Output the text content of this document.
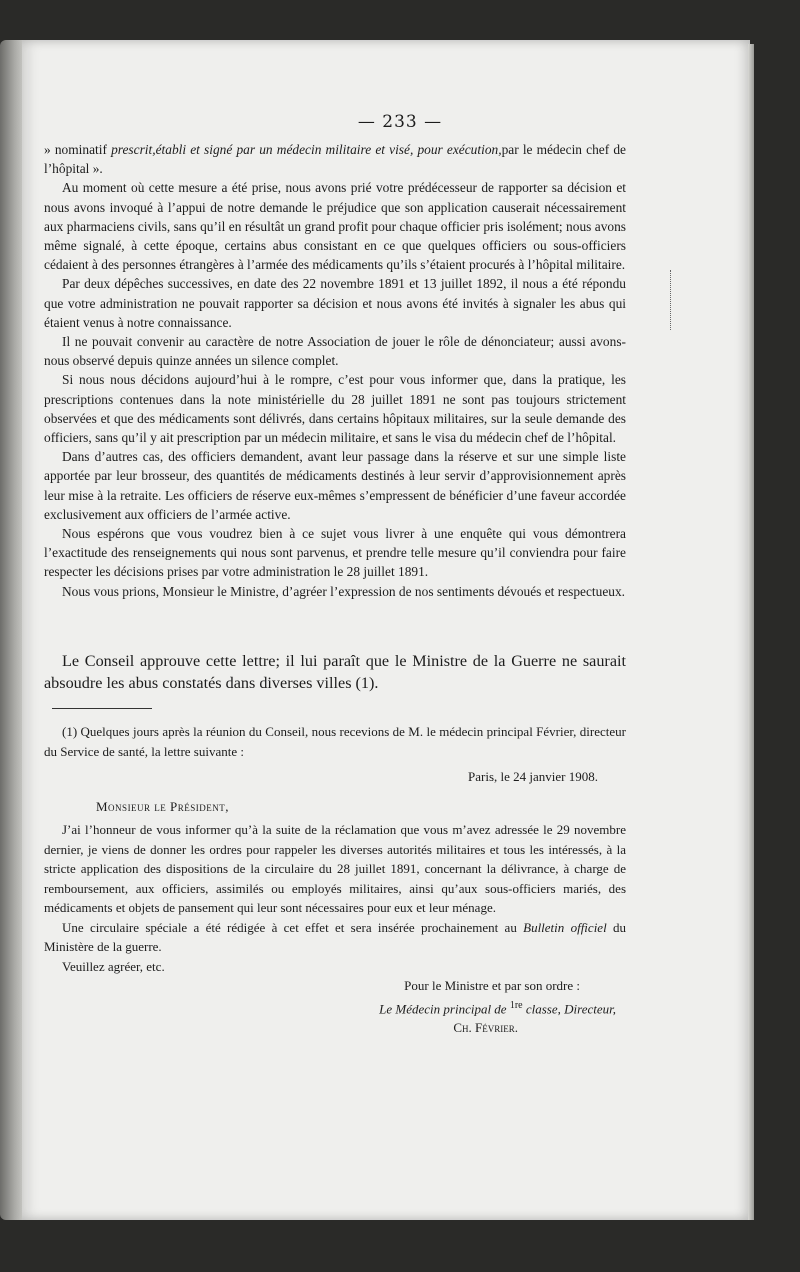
— 233 —

» nominatif prescrit,établi et signé par un médecin militaire et visé, pour exécution,par le médecin chef de l’hôpital ».

Au moment où cette mesure a été prise, nous avons prié votre prédécesseur de rapporter sa décision et nous avons invoqué à l’appui de notre demande le préjudice que son application causerait nécessairement aux pharmaciens civils, sans qu’il en résultât un grand profit pour chaque officier pris isolément; nous avons même signalé, à cette époque, certains abus consistant en ce que quelques officiers ou sous-officiers cédaient à des personnes étrangères à l’armée des médicaments qu’ils s’étaient procurés à l’hôpital militaire.

Par deux dépêches successives, en date des 22 novembre 1891 et 13 juillet 1892, il nous a été répondu que votre administration ne pouvait rapporter sa décision et nous avons été invités à signaler les abus qui étaient venus à notre connaissance.

Il ne pouvait convenir au caractère de notre Association de jouer le rôle de dénonciateur; aussi avons-nous observé depuis quinze années un silence complet.

Si nous nous décidons aujourd’hui à le rompre, c’est pour vous informer que, dans la pratique, les prescriptions contenues dans la note ministérielle du 28 juillet 1891 ne sont pas toujours strictement observées et que des médicaments sont délivrés, dans certains hôpitaux militaires, sur la seule demande des officiers, sans qu’il y ait prescription par un médecin militaire, et sans le visa du médecin chef de l’hôpital.

Dans d’autres cas, des officiers demandent, avant leur passage dans la réserve et sur une simple liste apportée par leur brosseur, des quantités de médicaments destinés à leur servir d’approvisionnement après leur mise à la retraite. Les officiers de réserve eux-mêmes s’empressent de bénéficier d’une faveur accordée exclusivement aux officiers de l’armée active.

Nous espérons que vous voudrez bien à ce sujet vous livrer à une enquête qui vous démontrera l’exactitude des renseignements qui nous sont parvenus, et prendre telle mesure qu’il conviendra pour faire respecter les décisions prises par votre administration le 28 juillet 1891.

Nous vous prions, Monsieur le Ministre, d’agréer l’expression de nos sentiments dévoués et respectueux.

Le Conseil approuve cette lettre; il lui paraît que le Ministre de la Guerre ne saurait absoudre les abus constatés dans diverses villes (1).

(1) Quelques jours après la réunion du Conseil, nous recevions de M. le médecin principal Février, directeur du Service de santé, la lettre suivante :

Paris, le 24 janvier 1908.

Monsieur le Président,

J’ai l’honneur de vous informer qu’à la suite de la réclamation que vous m’avez adressée le 29 novembre dernier, je viens de donner les ordres pour rappeler les diverses autorités militaires et tous les intéressés, à la stricte application des dispositions de la circulaire du 28 juillet 1891, concernant la délivrance, à charge de remboursement, aux officiers, assimilés ou employés militaires, ainsi qu’aux sous-officiers mariés, des médicaments et objets de pansement qui leur sont nécessaires pour eux et leur ménage.

Une circulaire spéciale a été rédigée à cet effet et sera insérée prochainement au Bulletin officiel du Ministère de la guerre.

Veuillez agréer, etc.

Pour le Ministre et par son ordre :

Le Médecin principal de $^{1re}$ classe, Directeur,

Ch. Février.
